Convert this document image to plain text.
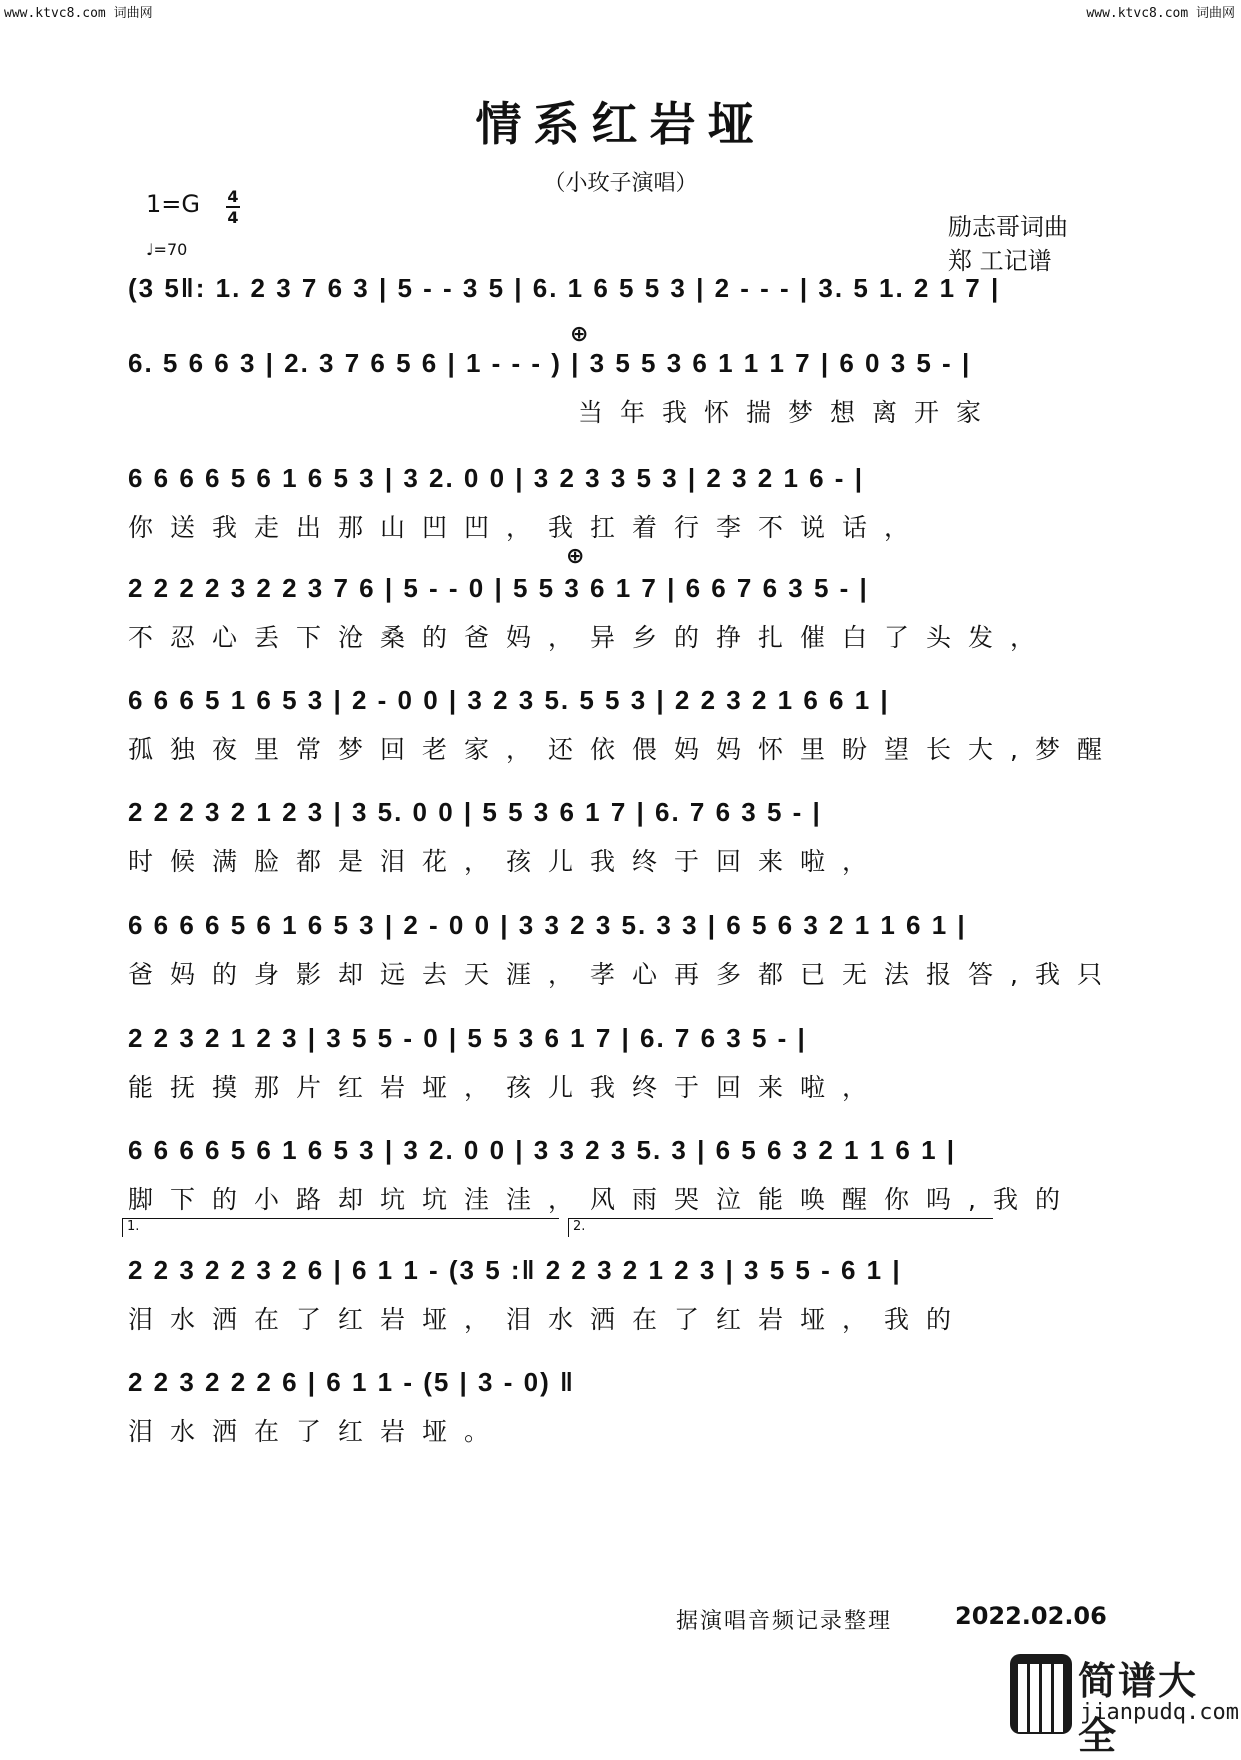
www.ktvc8.com 词曲网	www.ktvc8.com 词曲网
情系红岩垭
（小玫子演唱）
1=G 4
4
♩=70
励志哥词曲
郑 工记谱
(3 5‖: 1. 2 3 7 6 3 | 5 - - 3 5 | 6. 1 6 5 5 3 | 2 - - - | 3. 5 1. 2 1 7 |
6. 5 6 6 3 | 2. 3 7 6 5 6 | 1 - - - ) | 3 5 5 3 6 1 1 1 7 | 6 0 3 5 - |
当年我怀揣梦想离开家
6 6 6 6 5 6 1 6 5 3 | 3 2. 0 0 | 3 2 3 3 5 3 | 2 3 2 1 6 - |
你送我走出那山凹凹，我扛着行李不说话，
2 2 2 2 3 2 2 3 7 6 | 5 - - 0 | 5 5 3 6 1 7 | 6 6 7 6 3 5 - |
不忍心丢下沧桑的爸妈，异乡的挣扎催白了头发，
6 6 6 5 1 6 5 3 | 2 - 0 0 | 3 2 3 5. 5 5 3 | 2 2 3 2 1 6 6 1 |
孤独夜里常梦回老家，还依偎妈妈怀里盼望长大,梦醒
2 2 2 3 2 1 2 3 | 3 5. 0 0 | 5 5 3 6 1 7 | 6. 7 6 3 5 - |
时候满脸都是泪花，孩儿我终于回来啦，
6 6 6 6 5 6 1 6 5 3 | 2 - 0 0 | 3 3 2 3 5. 3 3 | 6 5 6 3 2 1 1 6 1 |
爸妈的身影却远去天涯，孝心再多都已无法报答,我只
2 2 3 2 1 2 3 | 3 5 5 - 0 | 5 5 3 6 1 7 | 6. 7 6 3 5 - |
能抚摸那片红岩垭，孩儿我终于回来啦，
6 6 6 6 5 6 1 6 5 3 | 3 2. 0 0 | 3 3 2 3 5. 3 | 6 5 6 3 2 1 1 6 1 |
脚下的小路却坑坑洼洼，风雨哭泣能唤醒你吗,我的
2 2 3 2 2 3 2 6 | 6 1 1 - (3 5 :‖ 2 2 3 2 1 2 3 | 3 5 5 - 6 1 |
泪水洒在了红岩垭，泪水洒在了红岩垭，我的
2 2 3 2 2 2 6 | 6 1 1 - (5 | 3 - 0) ‖
泪水洒在了红岩垭。
⊕
⊕
1.	2.
据演唱音频记录整理	2022.02.06
简谱大全
jianpudq.com
